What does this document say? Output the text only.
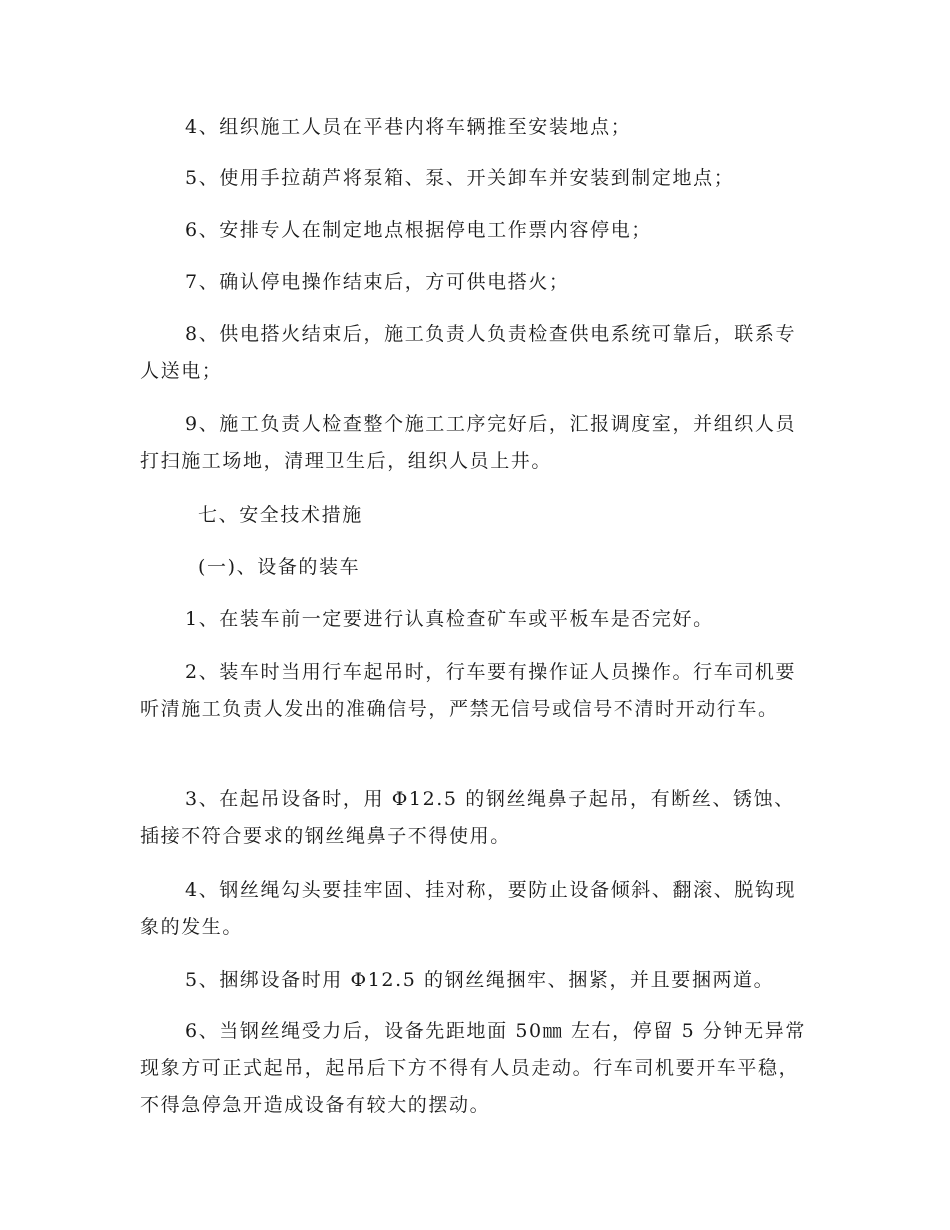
4、组织施工人员在平巷内将车辆推至安装地点；

5、使用手拉葫芦将泵箱、泵、开关卸车并安装到制定地点；

6、安排专人在制定地点根据停电工作票内容停电；

7、确认停电操作结束后，方可供电搭火；

8、供电搭火结束后，施工负责人负责检查供电系统可靠后，联系专人送电；

9、施工负责人检查整个施工工序完好后，汇报调度室，并组织人员打扫施工场地，清理卫生后，组织人员上井。

七、安全技术措施

(一)、设备的装车

1、在装车前一定要进行认真检查矿车或平板车是否完好。

2、装车时当用行车起吊时，行车要有操作证人员操作。行车司机要听清施工负责人发出的准确信号，严禁无信号或信号不清时开动行车。

3、在起吊设备时，用 Φ12.5 的钢丝绳鼻子起吊，有断丝、锈蚀、插接不符合要求的钢丝绳鼻子不得使用。

4、钢丝绳勾头要挂牢固、挂对称，要防止设备倾斜、翻滚、脱钩现象的发生。

5、捆绑设备时用 Φ12.5 的钢丝绳捆牢、捆紧，并且要捆两道。

6、当钢丝绳受力后，设备先距地面 50㎜ 左右，停留 5 分钟无异常现象方可正式起吊，起吊后下方不得有人员走动。行车司机要开车平稳，不得急停急开造成设备有较大的摆动。
